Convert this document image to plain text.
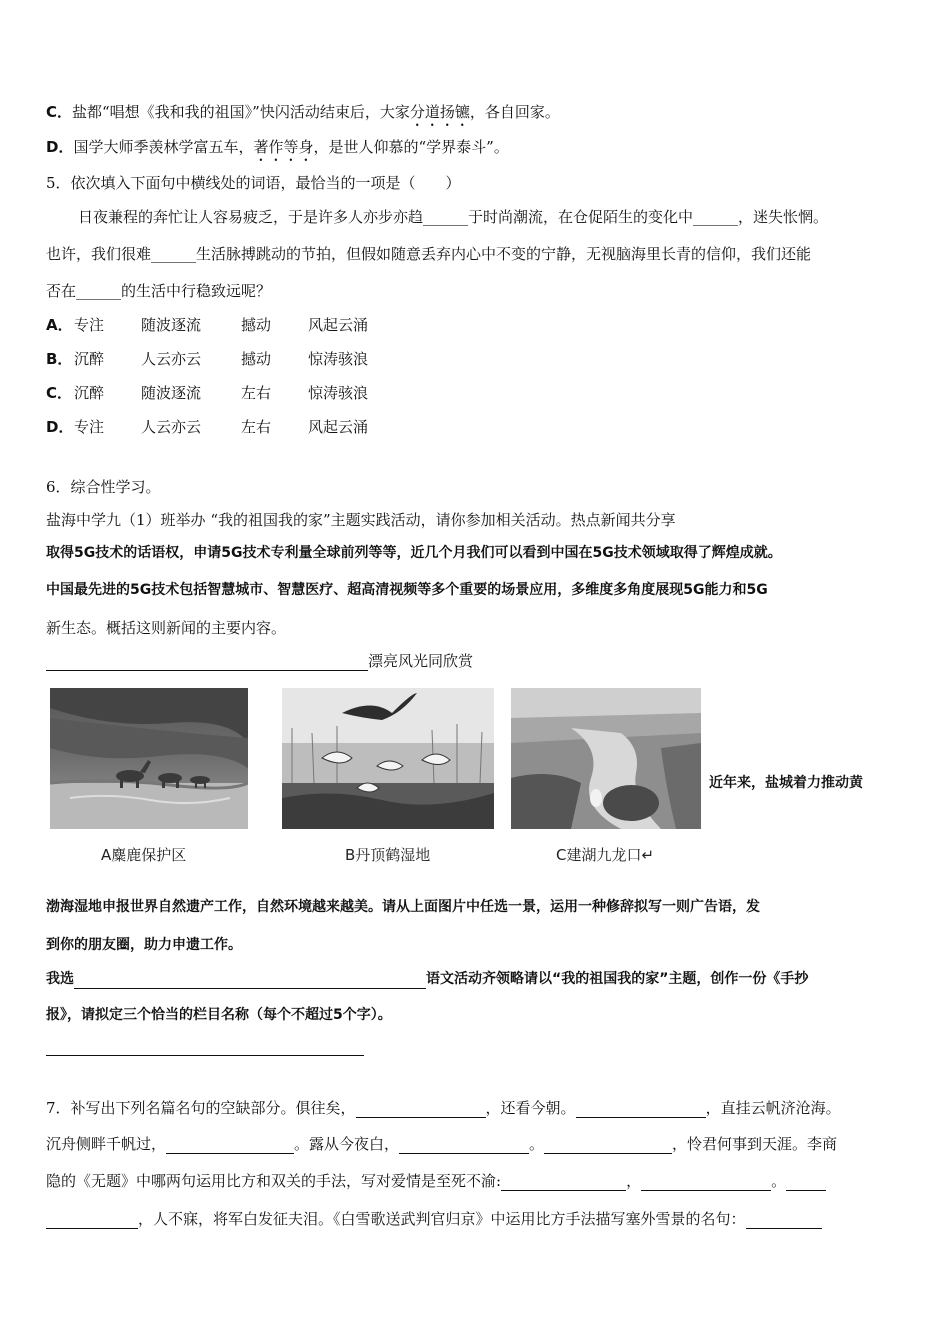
C．盐都“唱想《我和我的祖国》”快闪活动结束后，大家分道扬镳，各自回家。
D．国学大师季羡林学富五车，著作等身，是世人仰慕的“学界泰斗”。
5．依次填入下面句中横线处的词语，最恰当的一项是（　　）
日夜兼程的奔忙让人容易疲乏，于是许多人亦步亦趋______于时尚潮流，在仓促陌生的变化中______，迷失怅惘。
也许，我们很难______生活脉搏跳动的节拍，但假如随意丢弃内心中不变的宁静，无视脑海里长青的信仰，我们还能
否在______的生活中行稳致远呢？
A．专注 随波逐流	撼动 风起云涌
B． 沉醉 人云亦云	撼动 惊涛骇浪
C． 沉醉 随波逐流	左右 惊涛骇浪
D．专注 人云亦云	左右 风起云涌
6．综合性学习。
盐海中学九（1）班举办 “我的祖国我的家”主题实践活动，请你参加相关活动。热点新闻共分享
取得5G技术的话语权，申请5G技术专利量全球前列等等，近几个月我们可以看到中国在5G技术领域取得了辉煌成就。
中国最先进的5G技术包括智慧城市、智慧医疗、超高清视频等多个重要的场景应用，多维度多角度展现5G能力和5G
新生态。概括这则新闻的主要内容。
漂亮风光同欣赏
A麋鹿保护区	B丹顶鹤湿地	C建湖九龙口↵
近年来，盐城着力推动黄
渤海湿地申报世界自然遗产工作，自然环境越来越美。请从上面图片中任选一景，运用一种修辞拟写一则广告语，发
到你的朋友圈，助力申遗工作。
我选	语文活动齐领略请以“我的祖国我的家”主题，创作一份《手抄
报》，请拟定三个恰当的栏目名称（每个不超过5个字）。
7．补写出下列名篇名句的空缺部分。俱往矣，	，还看今朝。	，直挂云帆济沧海。
沉舟侧畔千帆过，	。露从今夜白，	。	，怜君何事到天涯。李商
隐的《无题》中哪两句运用比方和双关的手法，写对爱情是至死不渝:	，	。
，人不寐，将军白发征夫泪。《白雪歌送武判官归京》中运用比方手法描写塞外雪景的名句：
